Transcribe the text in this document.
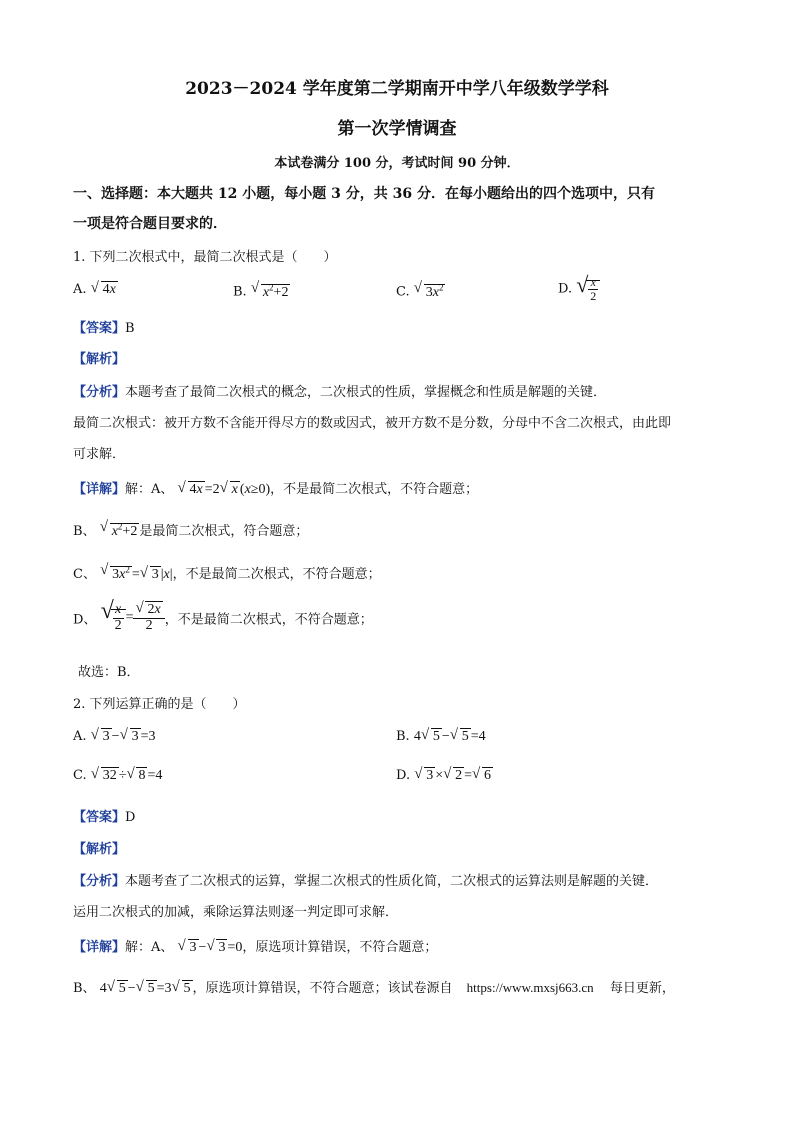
2023－2024 学年度第二学期南开中学八年级数学学科
第一次学情调查
本试卷满分 100 分，考试时间 90 分钟．
一、选择题：本大题共 12 小题，每小题 3 分，共 36 分．在每小题给出的四个选项中，只有
一项是符合题目要求的．
1. 下列二次根式中，最简二次根式是（　　）
A. √ 4x	B. √ $x^2+2$	C. √ $3x^2$	D. √ $\frac{x}{2}$
【答案】B
【解析】
【分析】本题考查了最简二次根式的概念，二次根式的性质，掌握概念和性质是解题的关键．
最简二次根式：被开方数不含能开得尽方的数或因式，被开方数不是分数，分母中不含二次根式，由此即
可求解．
【详解】解：A、 √ 4x =2 √ x (x≥0)，不是最简二次根式，不符合题意；
B、 √ $x^2+2$ 是最简二次根式，符合题意；
C、 √ $3x^2$ = √ 3 |x|，不是最简二次根式，不符合题意；
D、 √
$\frac{x}{2} = \frac{√ 2x}{2}$ ，不是最简二次根式，不符合题意；
故选：B．
2. 下列运算正确的是（　　）
A. √ 3 − √ 3 =3	B. 4 √ 5 − √ 5 =4
C. √ 32 ÷ √ 8 =4	D. √ 3 × √ 2 = √ 6
【答案】D
【解析】
【分析】本题考查了二次根式的运算，掌握二次根式的性质化简，二次根式的运算法则是解题的关键．
运用二次根式的加减，乘除运算法则逐一判定即可求解．
【详解】解：A、 √ 3 − √ 3 =0，原选项计算错误，不符合题意；
B、 4 √ 5 − √ 5 =3 √ 5 ，原选项计算错误，不符合题意；该试卷源自 https://www.mxsj663.cn 每日更新，
